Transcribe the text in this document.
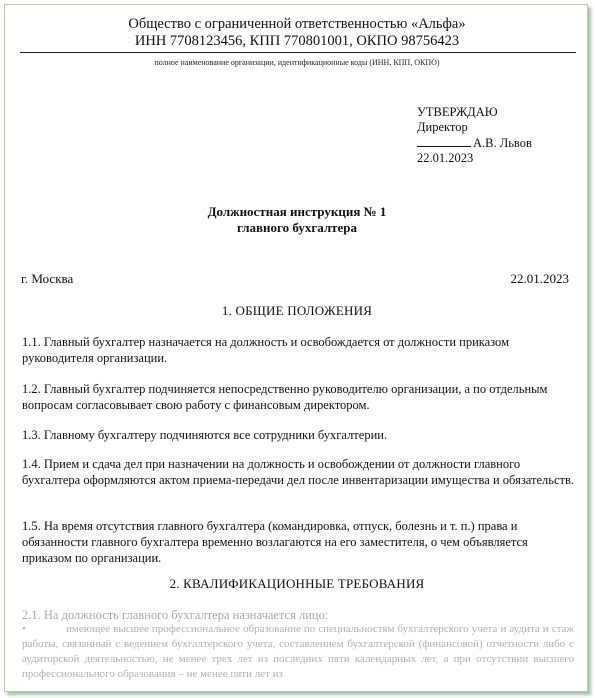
Общество с ограниченной ответственностью «Альфа»
ИНН 7708123456, КПП 770801001, ОКПО 98756423
полное наименование организации, идентификационные коды (ИНН, КПП, ОКПО)
УТВЕРЖДАЮ
Директор
А.В. Львов
22.01.2023
Должностная инструкция № 1
главного бухгалтера
г. Москва	22.01.2023
1. ОБЩИЕ ПОЛОЖЕНИЯ
1.1. Главный бухгалтер назначается на должность и освобождается от должности приказом руководителя организации.
1.2. Главный бухгалтер подчиняется непосредственно руководителю организации, а по отдельным вопросам согласовывает свою работу с финансовым директором.
1.3. Главному бухгалтеру подчиняются все сотрудники бухгалтерии.
1.4. Прием и сдача дел при назначении на должность и освобождении от должности главного бухгалтера оформляются актом приема-передачи дел после инвентаризации имущества и обязательств.
1.5. На время отсутствия главного бухгалтера (командировка, отпуск, болезнь и т. п.) права и обязанности главного бухгалтера временно возлагаются на его заместителя, о чем объявляется приказом по организации.
2. КВАЛИФИКАЦИОННЫЕ ТРЕБОВАНИЯ
2.1. На должность главного бухгалтера назначается лицо:
•	имеющее высшее профессиональное образование по специальностям бухгалтерского учета и аудита и стаж работы, связанный с ведением бухгалтерского учета, составлением бухгалтерской (финансовой) отчетности либо с аудиторской деятельностью, не менее трех лет из последних пяти календарных лет, а при отсутствии высшего профессионального образования – не менее пяти лет из
